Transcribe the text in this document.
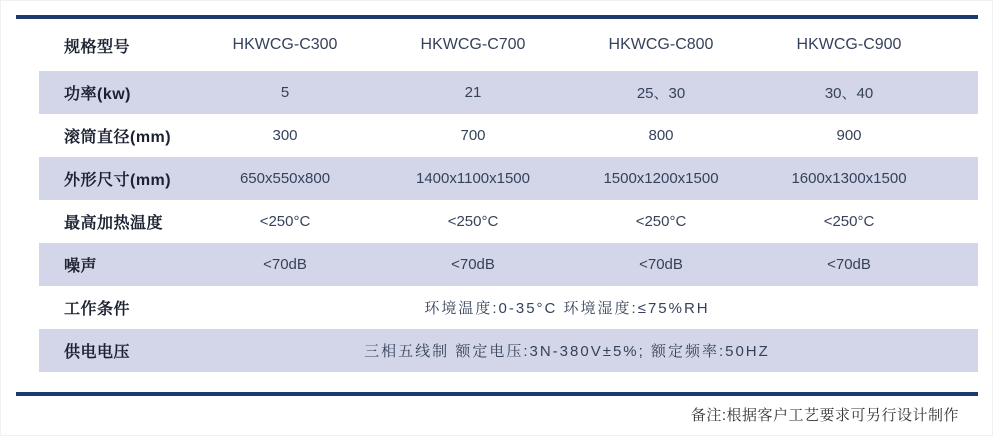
规格型号	HKWCG-C300	HKWCG-C700	HKWCG-C800	HKWCG-C900	
功率(kw)	5	21	25、30	30、40	
滚筒直径(mm)	300	700	800	900	
外形尺寸(mm)	650x550x800	1400x1100x1500	1500x1200x1500	1600x1300x1500	
最高加热温度	<250°C	<250°C	<250°C	<250°C	
噪声	<70dB	<70dB	<70dB	<70dB	
工作条件	环境温度:0-35°C 环境湿度:≤75%RH				
供电电压	三相五线制 额定电压:3N-380V±5%; 额定频率:50HZ				
备注:根据客户工艺要求可另行设计制作
